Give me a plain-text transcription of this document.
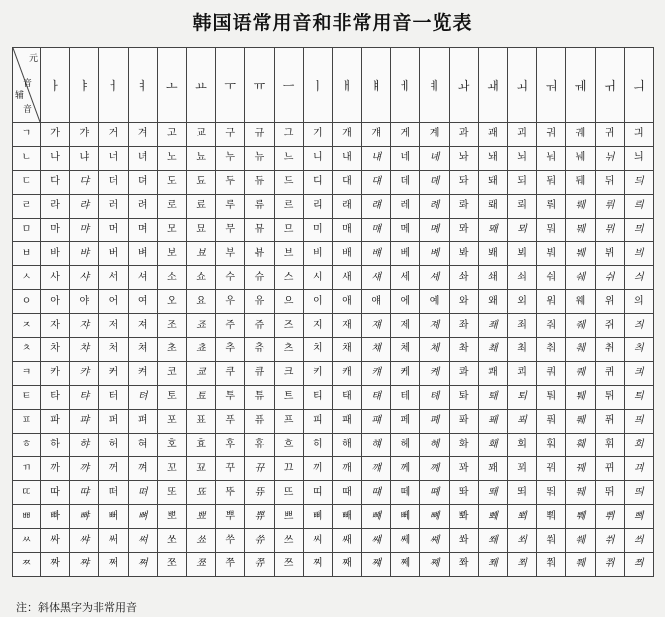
韩国语常用音和非常用音一览表
元
音
辅
音	ㅏ	ㅑ	ㅓ	ㅕ	ㅗ	ㅛ	ㅜ	ㅠ	ㅡ	ㅣ	ㅐ	ㅒ	ㅔ	ㅖ	ㅘ	ㅙ	ㅚ	ㅝ	ㅞ	ㅟ	ㅢ
ㄱ	가	갸	거	겨	고	교	구	규	그	기	개	걔	게	계	과	괘	괴	궈	궤	귀	긔
ㄴ	나	냐	너	녀	노	뇨	누	뉴	느	니	내	냬	네	녜	놔	놰	뇌	눠	눼	뉘	늬
ㄷ	다	댜	더	뎌	도	됴	두	듀	드	디	대	댸	데	뎨	돠	돼	되	둬	뒈	뒤	듸
ㄹ	라	랴	러	려	로	료	루	류	르	리	래	럐	레	례	롸	뢔	뢰	뤄	뤠	뤼	릐
ㅁ	마	먀	머	며	모	묘	무	뮤	므	미	매	먜	메	몌	뫄	뫠	뫼	뭐	뭬	뮈	믜
ㅂ	바	뱌	버	벼	보	뵤	부	뷰	브	비	배	뱨	베	볘	봐	봬	뵈	붜	붸	뷔	븨
ㅅ	사	샤	서	셔	소	쇼	수	슈	스	시	새	섀	세	셰	솨	쇄	쇠	숴	쉐	쉬	싀
ㅇ	아	야	어	여	오	요	우	유	으	이	애	얘	에	예	와	왜	외	워	웨	위	의
ㅈ	자	쟈	저	져	조	죠	주	쥬	즈	지	재	쟤	제	졔	좌	좨	죄	줘	줴	쥐	즤
ㅊ	차	챠	처	쳐	초	쵸	추	츄	츠	치	채	챼	체	쳬	촤	쵀	최	춰	췌	취	츼
ㅋ	카	캬	커	켜	코	쿄	쿠	큐	크	키	캐	컈	케	켸	콰	쾌	쾨	쿼	퀘	퀴	킈
ㅌ	타	탸	터	텨	토	툐	투	튜	트	티	태	턔	테	톄	톼	퇘	퇴	퉈	퉤	튀	틔
ㅍ	파	퍄	퍼	펴	포	표	푸	퓨	프	피	패	퍠	페	폐	퐈	퐤	푀	풔	풰	퓌	픠
ㅎ	하	햐	허	혀	호	효	후	휴	흐	히	해	햬	헤	혜	화	홰	회	훠	훼	휘	희
ㄲ	까	꺄	꺼	껴	꼬	꾜	꾸	뀨	끄	끼	깨	꺠	께	꼐	꽈	꽤	꾀	꿔	꿰	뀌	끠
ㄸ	따	땨	떠	뗘	또	뚀	뚜	뜌	뜨	띠	때	떄	떼	뗴	똬	뙈	뙤	뚸	뛔	뛰	띄
ㅃ	빠	뺘	뻐	뼈	뽀	뾰	뿌	쀼	쁘	삐	빼	뺴	뻬	뼤	뽜	뽸	뾔	뿨	쀄	쀠	쁴
ㅆ	싸	쌰	써	쎠	쏘	쑈	쑤	쓔	쓰	씨	쌔	썌	쎄	쎼	쏴	쐐	쐬	쒀	쒜	쒸	씌
ㅉ	짜	쨔	쩌	쪄	쪼	쬬	쭈	쮸	쯔	찌	째	쨰	쩨	쪠	쫘	쫴	쬐	쭤	쮀	쮜	쯰
注：斜体黑字为非常用音
